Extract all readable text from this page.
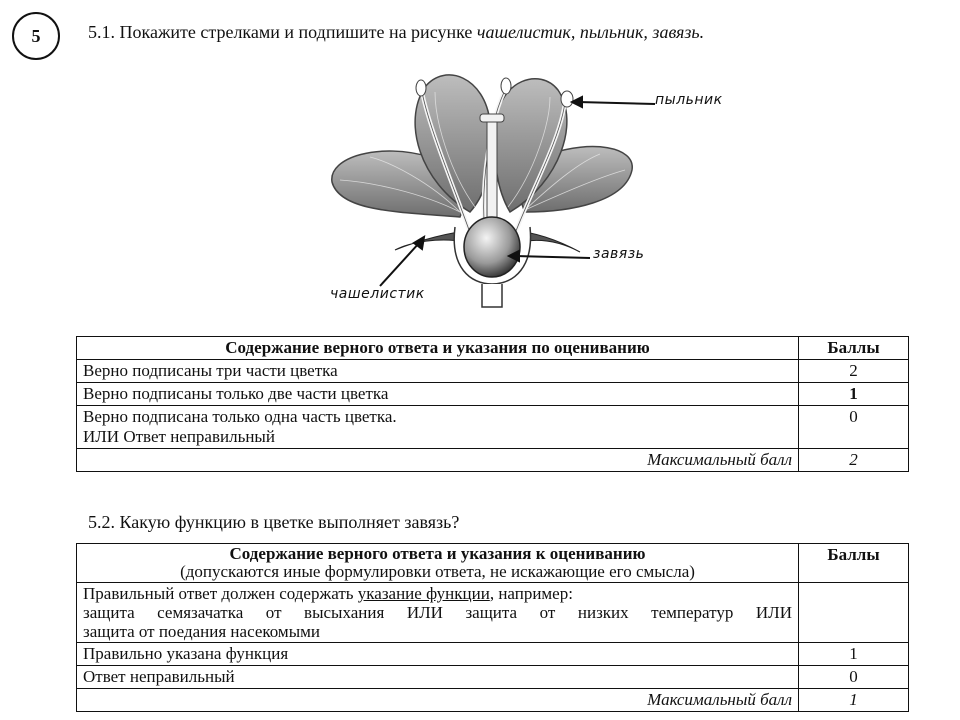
5	5.1. Покажите стрелками и подпишите на рисунке чашелистик, пыльник, завязь.
пыльник
завязь
чашелистик
Содержание верного ответа и указания по оцениванию	Баллы
Верно подписаны три части цветка	2
Верно подписаны только две части цветка	1

Верно подписана только одна часть цветка.
ИЛИ Ответ неправильный	0
Максимальный балл	2
5.2. Какую функцию в цветке выполняет завязь?
Содержание верного ответа и указания к оцениванию
(допускаются иные формулировки ответа, не искажающие его смысла)	Баллы

Правильный ответ должен содержать указание функции, например:
защита семязачатка от высыхания ИЛИ защита от низких температур ИЛИ
защита от поедания насекомыми	

Правильно указана функция	1
Ответ неправильный	0
Максимальный балл	1
